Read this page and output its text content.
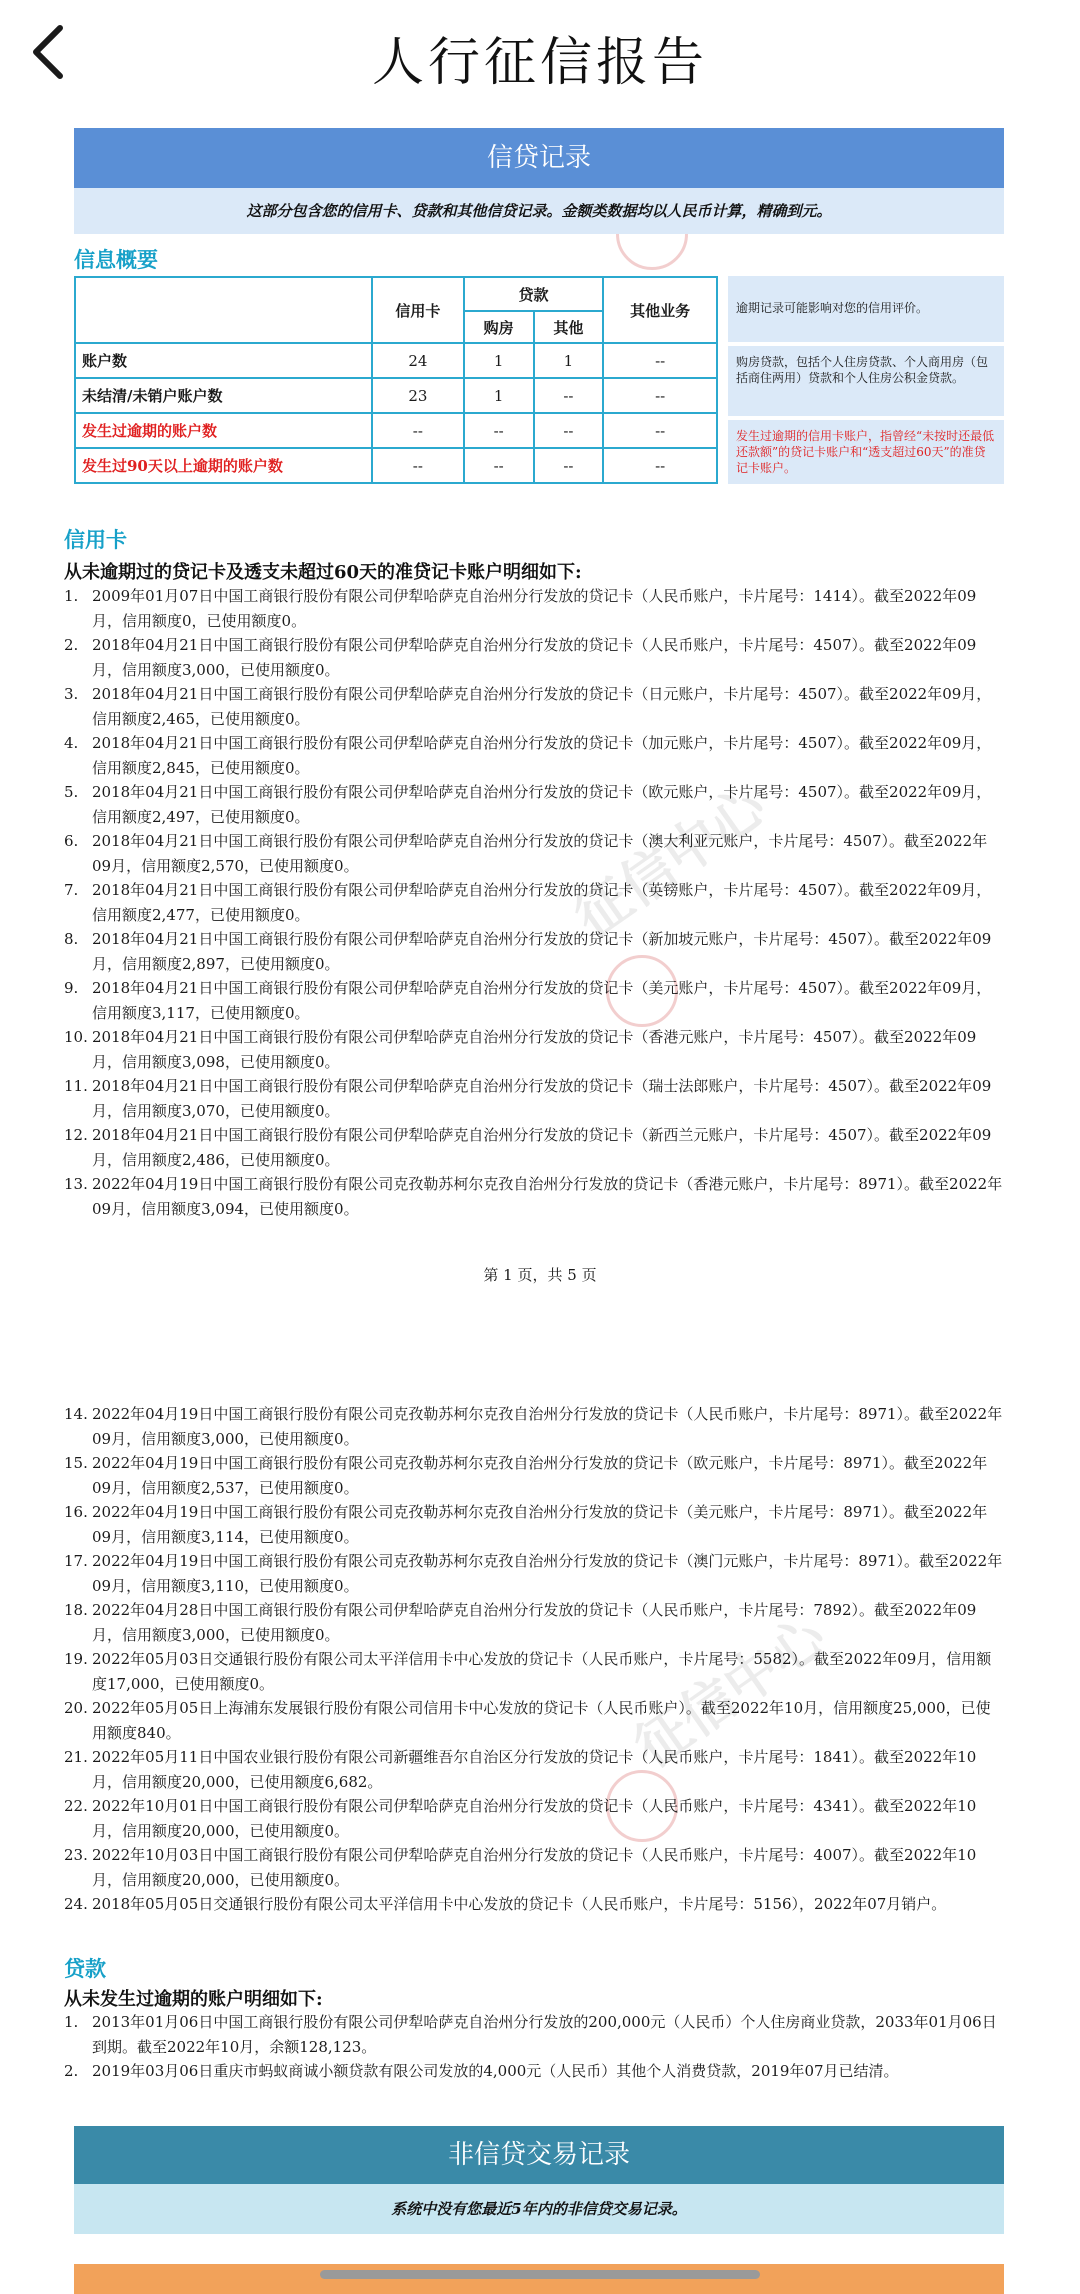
人行征信报告
征信中心
征信中心
信贷记录
这部分包含您的信用卡、贷款和其他信贷记录。金额类数据均以人民币计算，精确到元。
信息概要
	信用卡	贷款		其他业务
		购房	其他	
账户数	24	1	1	--
未结清/未销户账户数	23	1	--	--
发生过逾期的账户数	--	--	--	--
发生过90天以上逾期的账户数	--	--	--	--
逾期记录可能影响对您的信用评价。
购房贷款，包括个人住房贷款、个人商用房（包括商住两用）贷款和个人住房公积金贷款。
发生过逾期的信用卡账户，指曾经“未按时还最低还款额”的贷记卡账户和“透支超过60天”的准贷记卡账户。
信用卡
从未逾期过的贷记卡及透支未超过60天的准贷记卡账户明细如下:
1. 2009年01月07日中国工商银行股份有限公司伊犁哈萨克自治州分行发放的贷记卡（人民币账户，卡片尾号：1414）。截至2022年09月，信用额度0，已使用额度0。
2. 2018年04月21日中国工商银行股份有限公司伊犁哈萨克自治州分行发放的贷记卡（人民币账户，卡片尾号：4507）。截至2022年09月，信用额度3,000，已使用额度0。
3. 2018年04月21日中国工商银行股份有限公司伊犁哈萨克自治州分行发放的贷记卡（日元账户，卡片尾号：4507）。截至2022年09月，信用额度2,465，已使用额度0。
4. 2018年04月21日中国工商银行股份有限公司伊犁哈萨克自治州分行发放的贷记卡（加元账户，卡片尾号：4507）。截至2022年09月，信用额度2,845，已使用额度0。
5. 2018年04月21日中国工商银行股份有限公司伊犁哈萨克自治州分行发放的贷记卡（欧元账户，卡片尾号：4507）。截至2022年09月，信用额度2,497，已使用额度0。
6. 2018年04月21日中国工商银行股份有限公司伊犁哈萨克自治州分行发放的贷记卡（澳大利亚元账户，卡片尾号：4507）。截至2022年09月，信用额度2,570，已使用额度0。
7. 2018年04月21日中国工商银行股份有限公司伊犁哈萨克自治州分行发放的贷记卡（英镑账户，卡片尾号：4507）。截至2022年09月，信用额度2,477，已使用额度0。
8. 2018年04月21日中国工商银行股份有限公司伊犁哈萨克自治州分行发放的贷记卡（新加坡元账户，卡片尾号：4507）。截至2022年09月，信用额度2,897，已使用额度0。
9. 2018年04月21日中国工商银行股份有限公司伊犁哈萨克自治州分行发放的贷记卡（美元账户，卡片尾号：4507）。截至2022年09月，信用额度3,117，已使用额度0。
10. 2018年04月21日中国工商银行股份有限公司伊犁哈萨克自治州分行发放的贷记卡（香港元账户，卡片尾号：4507）。截至2022年09月，信用额度3,098，已使用额度0。
11. 2018年04月21日中国工商银行股份有限公司伊犁哈萨克自治州分行发放的贷记卡（瑞士法郎账户，卡片尾号：4507）。截至2022年09月，信用额度3,070，已使用额度0。
12. 2018年04月21日中国工商银行股份有限公司伊犁哈萨克自治州分行发放的贷记卡（新西兰元账户，卡片尾号：4507）。截至2022年09月，信用额度2,486，已使用额度0。
13. 2022年04月19日中国工商银行股份有限公司克孜勒苏柯尔克孜自治州分行发放的贷记卡（香港元账户，卡片尾号：8971）。截至2022年09月，信用额度3,094，已使用额度0。
第 1 页，共 5 页
14. 2022年04月19日中国工商银行股份有限公司克孜勒苏柯尔克孜自治州分行发放的贷记卡（人民币账户，卡片尾号：8971）。截至2022年09月，信用额度3,000，已使用额度0。
15. 2022年04月19日中国工商银行股份有限公司克孜勒苏柯尔克孜自治州分行发放的贷记卡（欧元账户，卡片尾号：8971）。截至2022年09月，信用额度2,537，已使用额度0。
16. 2022年04月19日中国工商银行股份有限公司克孜勒苏柯尔克孜自治州分行发放的贷记卡（美元账户，卡片尾号：8971）。截至2022年09月，信用额度3,114，已使用额度0。
17. 2022年04月19日中国工商银行股份有限公司克孜勒苏柯尔克孜自治州分行发放的贷记卡（澳门元账户，卡片尾号：8971）。截至2022年09月，信用额度3,110，已使用额度0。
18. 2022年04月28日中国工商银行股份有限公司伊犁哈萨克自治州分行发放的贷记卡（人民币账户，卡片尾号：7892）。截至2022年09月，信用额度3,000，已使用额度0。
19. 2022年05月03日交通银行股份有限公司太平洋信用卡中心发放的贷记卡（人民币账户，卡片尾号：5582）。截至2022年09月，信用额度17,000，已使用额度0。
20. 2022年05月05日上海浦东发展银行股份有限公司信用卡中心发放的贷记卡（人民币账户）。截至2022年10月，信用额度25,000，已使用额度840。
21. 2022年05月11日中国农业银行股份有限公司新疆维吾尔自治区分行发放的贷记卡（人民币账户，卡片尾号：1841）。截至2022年10月，信用额度20,000，已使用额度6,682。
22. 2022年10月01日中国工商银行股份有限公司伊犁哈萨克自治州分行发放的贷记卡（人民币账户，卡片尾号：4341）。截至2022年10月，信用额度20,000，已使用额度0。
23. 2022年10月03日中国工商银行股份有限公司伊犁哈萨克自治州分行发放的贷记卡（人民币账户，卡片尾号：4007）。截至2022年10月，信用额度20,000，已使用额度0。
24. 2018年05月05日交通银行股份有限公司太平洋信用卡中心发放的贷记卡（人民币账户，卡片尾号：5156），2022年07月销户。
贷款
从未发生过逾期的账户明细如下:
1. 2013年01月06日中国工商银行股份有限公司伊犁哈萨克自治州分行发放的200,000元（人民币）个人住房商业贷款，2033年01月06日到期。截至2022年10月，余额128,123。
2. 2019年03月06日重庆市蚂蚁商诚小额贷款有限公司发放的4,000元（人民币）其他个人消费贷款，2019年07月已结清。
非信贷交易记录
系统中没有您最近5年内的非信贷交易记录。
